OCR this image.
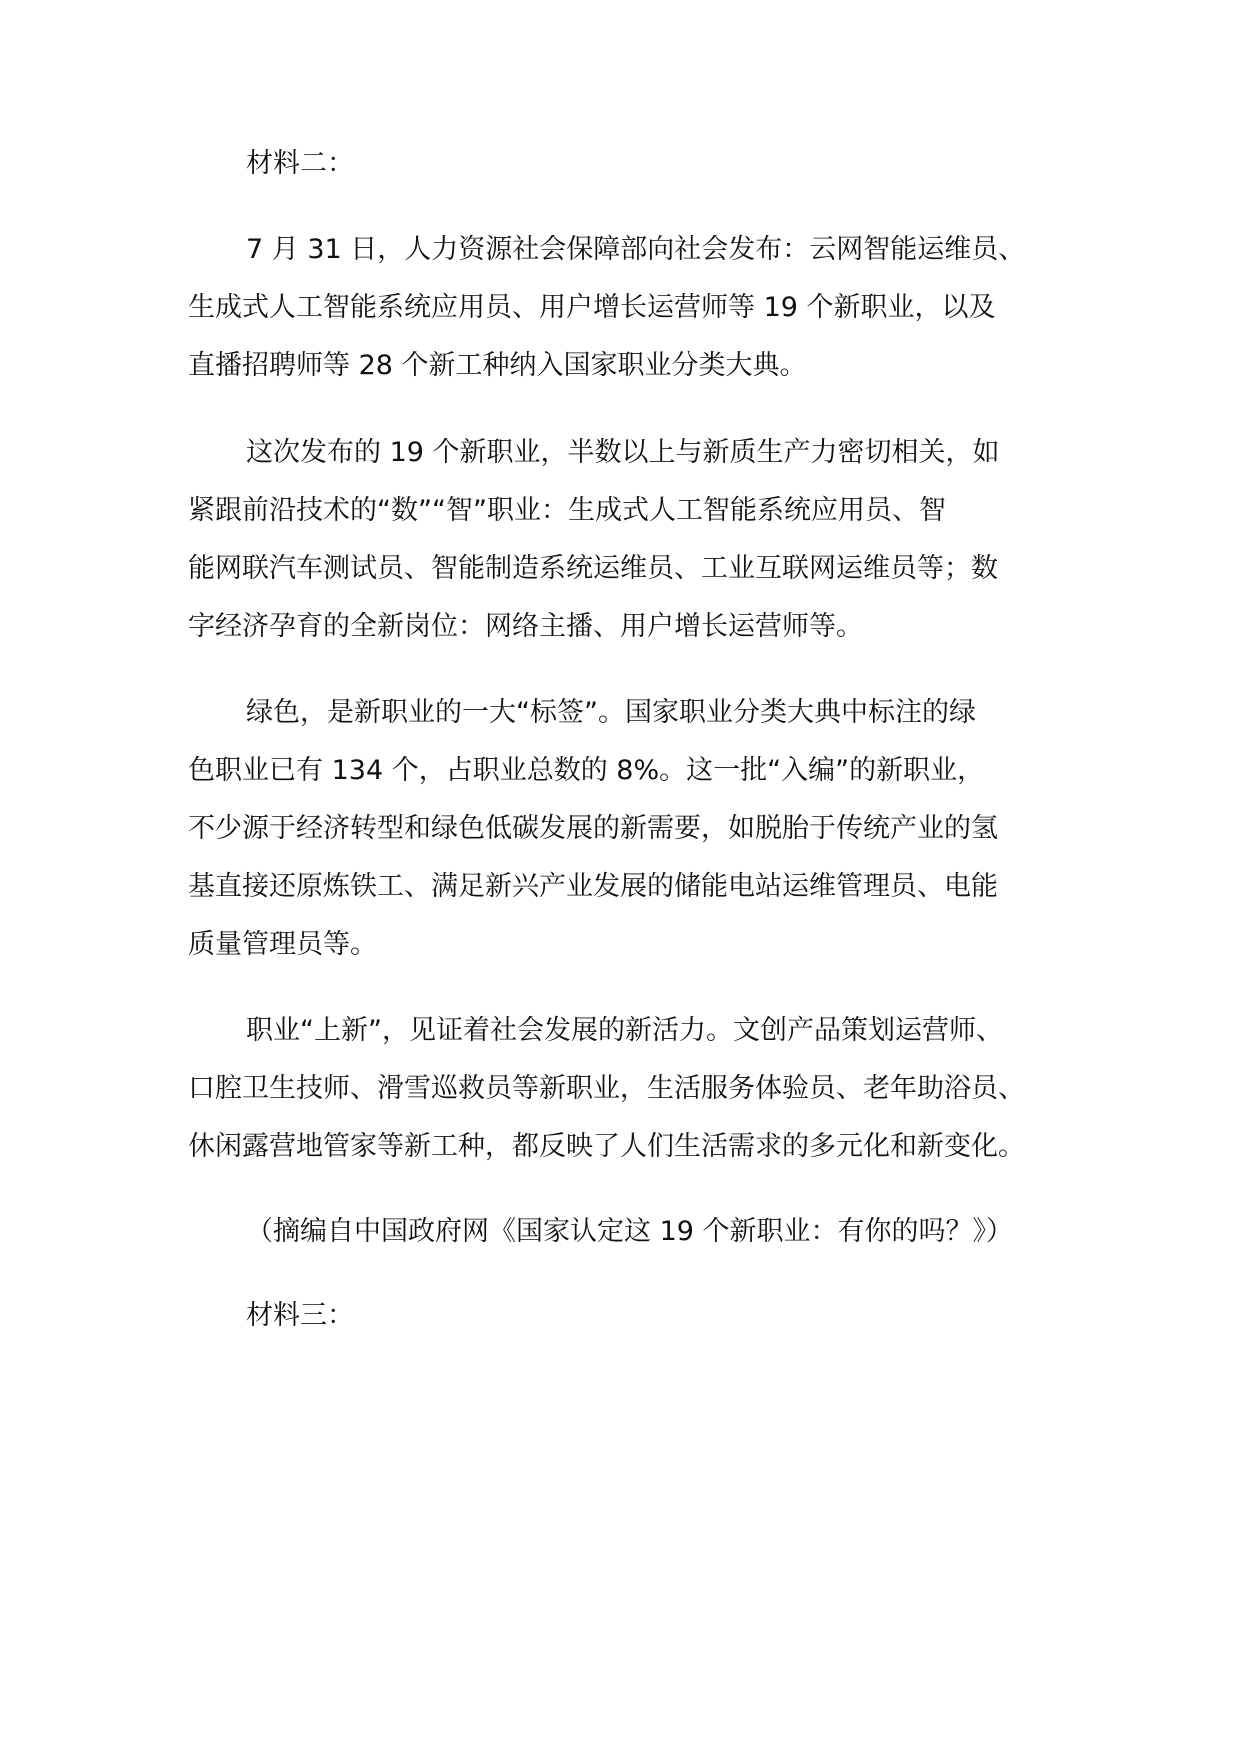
材料二：
7 月 31 日，人力资源社会保障部向社会发布：云网智能运维员、
生成式人工智能系统应用员、用户增长运营师等 19 个新职业，以及
直播招聘师等 28 个新工种纳入国家职业分类大典。
这次发布的 19 个新职业，半数以上与新质生产力密切相关，如
紧跟前沿技术的“数”“智”职业：生成式人工智能系统应用员、智
能网联汽车测试员、智能制造系统运维员、工业互联网运维员等；数
字经济孕育的全新岗位：网络主播、用户增长运营师等。
绿色，是新职业的一大“标签”。国家职业分类大典中标注的绿
色职业已有 134 个，占职业总数的 8%。这一批“入编”的新职业，
不少源于经济转型和绿色低碳发展的新需要，如脱胎于传统产业的氢
基直接还原炼铁工、满足新兴产业发展的储能电站运维管理员、电能
质量管理员等。
职业“上新”，见证着社会发展的新活力。文创产品策划运营师、
口腔卫生技师、滑雪巡救员等新职业，生活服务体验员、老年助浴员、
休闲露营地管家等新工种，都反映了人们生活需求的多元化和新变化。
（摘编自中国政府网《国家认定这 19 个新职业：有你的吗？》）
材料三：
